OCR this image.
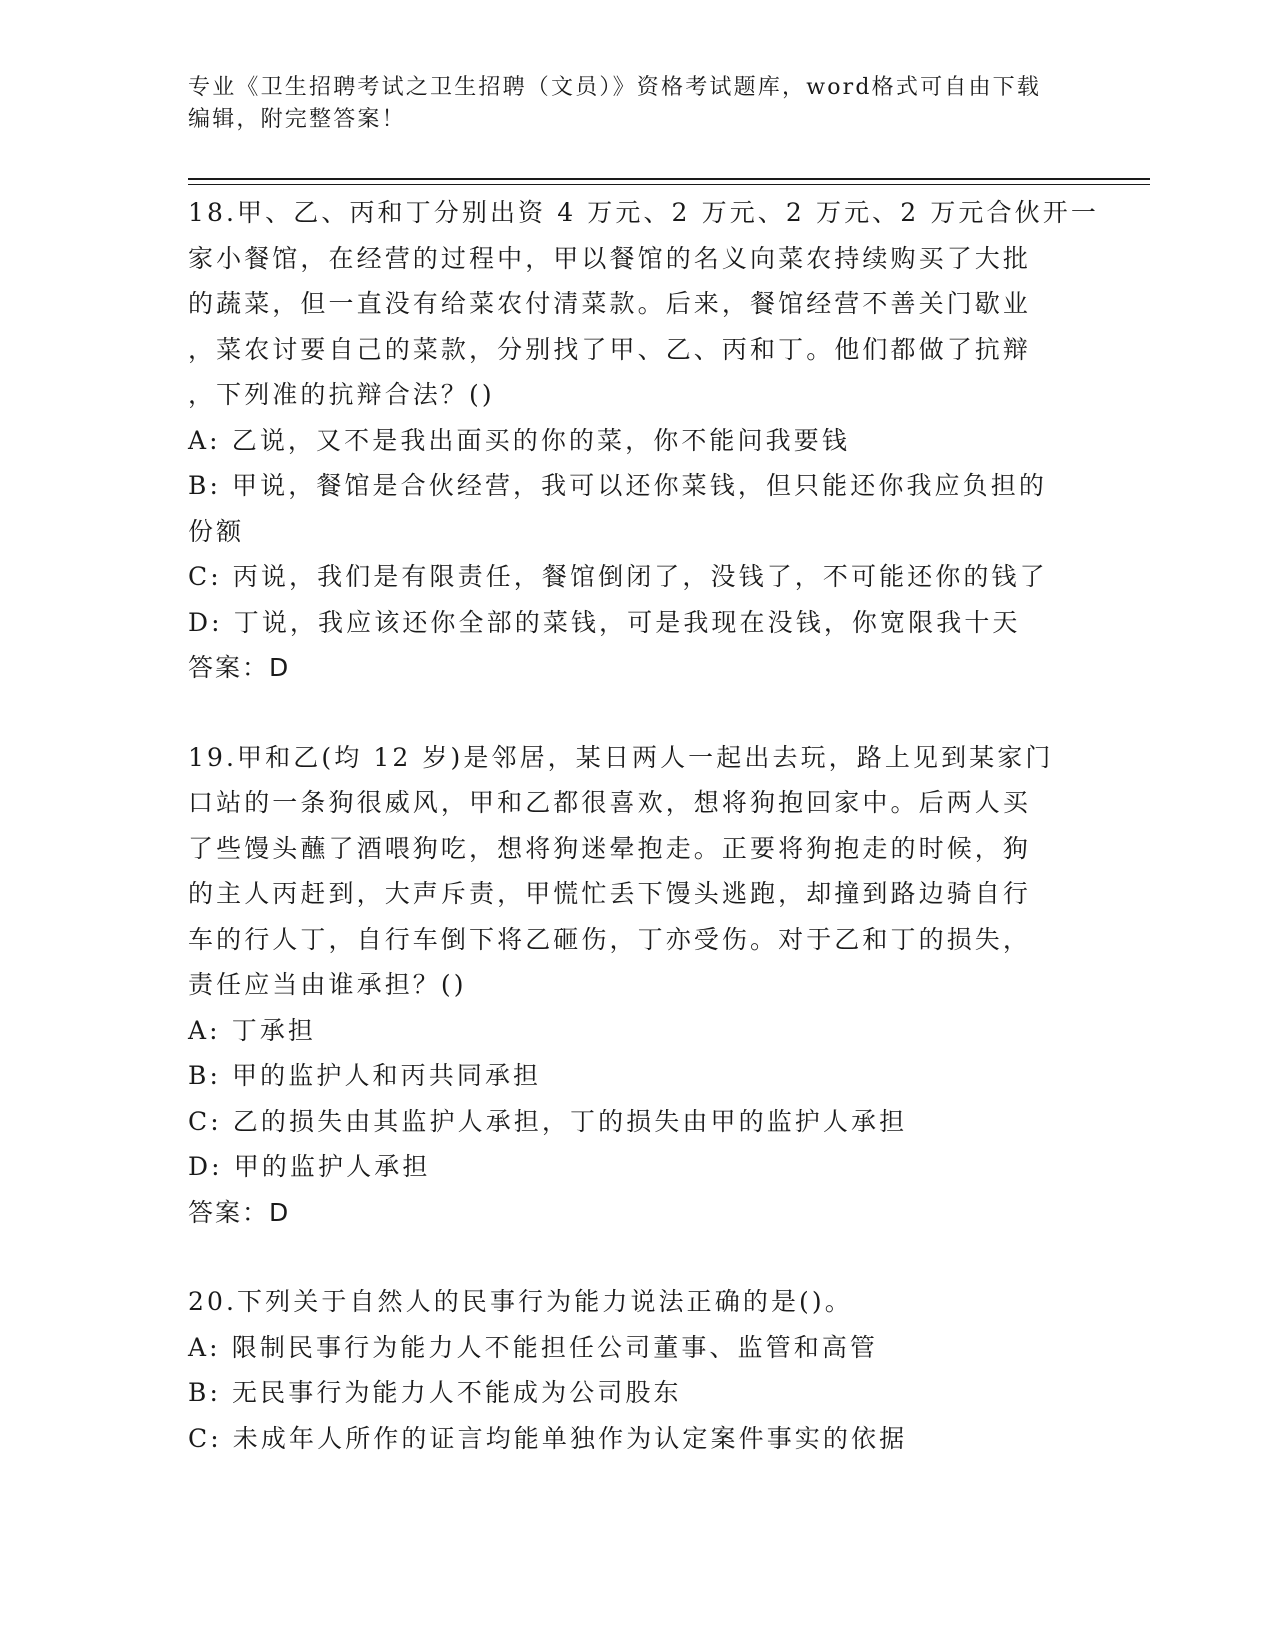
专业《卫生招聘考试之卫生招聘（文员）》资格考试题库，word格式可自由下载
编辑，附完整答案！
18.甲、乙、丙和丁分别出资 4 万元、2 万元、2 万元、2 万元合伙开一
家小餐馆，在经营的过程中，甲以餐馆的名义向菜农持续购买了大批
的蔬菜，但一直没有给菜农付清菜款。后来，餐馆经营不善关门歇业
，菜农讨要自己的菜款，分别找了甲、乙、丙和丁。他们都做了抗辩
，下列准的抗辩合法？()
A: 乙说，又不是我出面买的你的菜，你不能问我要钱
B: 甲说，餐馆是合伙经营，我可以还你菜钱，但只能还你我应负担的
份额
C: 丙说，我们是有限责任，餐馆倒闭了，没钱了，不可能还你的钱了
D: 丁说，我应该还你全部的菜钱，可是我现在没钱，你宽限我十天
答案：D
19.甲和乙(均 12 岁)是邻居，某日两人一起出去玩，路上见到某家门
口站的一条狗很威风，甲和乙都很喜欢，想将狗抱回家中。后两人买
了些馒头蘸了酒喂狗吃，想将狗迷晕抱走。正要将狗抱走的时候，狗
的主人丙赶到，大声斥责，甲慌忙丢下馒头逃跑，却撞到路边骑自行
车的行人丁，自行车倒下将乙砸伤，丁亦受伤。对于乙和丁的损失，
责任应当由谁承担？()
A: 丁承担
B: 甲的监护人和丙共同承担
C: 乙的损失由其监护人承担，丁的损失由甲的监护人承担
D: 甲的监护人承担
答案：D
20.下列关于自然人的民事行为能力说法正确的是()。
A: 限制民事行为能力人不能担任公司董事、监管和高管
B: 无民事行为能力人不能成为公司股东
C: 未成年人所作的证言均能单独作为认定案件事实的依据
